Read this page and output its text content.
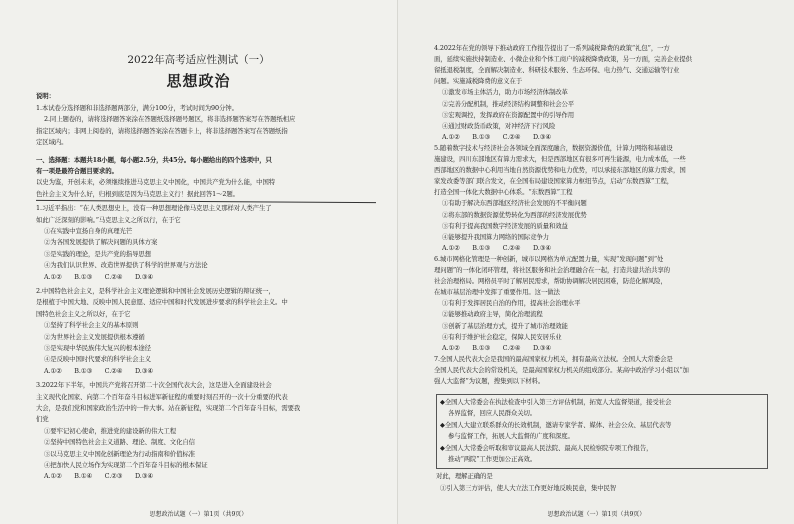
2022年高考适应性测试（一）
思想政治
说明：
1.本试卷分选择题和非选择题两部分，满分100分，考试时间为90分钟。
2.同上题卷的，请将选择题答案涂在答题纸选择题号题区，将非选择题答案写在答题纸相应
指定区域内；非网上阅卷的，请将选择题答案涂在答题卡上，将非选择题答案写在答题纸指
定区域内。
一、选择题：本题共18小题，每小题2.5分，共45分。每小题给出的四个选项中，只
有一项是最符合题目要求的。
以史为鉴，开创未来，必须继续推进马克思主义中国化，中国共产党为什么能，中国特
色社会主义为什么好，归根到底是因为马克思主义行！据此回答1～2题。
1.习近平指出：“在人类思想史上，没有一种思想理论像马克思主义那样对人类产生了
如此广泛深刻的影响。”马克思主义之所以行，在于它
①在实践中宣扬自身的真理光芒
②为各国发展提供了解决问题的具体方案
③是实践的理论，是共产党的指导思想
④为我们认识世界、改造世界提供了科学的世界观与方法论
A.①②　　B.①③　　C.②④　　D.③④
2.中国特色社会主义，是科学社会主义理论逻辑和中国社会发展历史逻辑的辩证统一，
是根植于中国大地、反映中国人民意愿、适应中国和时代发展进步要求的科学社会主义。中
国特色社会主义之所以好，在于它
①坚持了科学社会主义的基本原则
②为世界社会主义发展提供根本遵循
③是实现中华民族伟大复兴的根本途径
④是反映中国时代要求的科学社会主义
A.①②　　B.①③　　C.②④　　D.③④
3.2022年下半年，中国共产党将召开第二十次全国代表大会，这是进入全面建设社会
主义现代化国家、向第二个百年奋斗目标进军新征程的重要时刻召开的一次十分重要的代表
大会，是我们党和国家政治生活中的一件大事。站在新征程，实现第二个百年奋斗目标，需要我
们党
①要牢记初心使命，推进党的建设新的伟大工程
②坚持中国特色社会主义道路、理论、制度、文化自信
③以马克思主义中国化创新理论为行动指南和价值标准
④把加快人民立场作为实现第二个百年奋斗目标的根本保证
A.①②　　B.①④　　C.②③　　D.③④
思想政治试题（一）第1页（共9页）
4.2022年在党的领导下推动政府工作报告提出了一系列减税降费的政策“礼包”，一方
面，延续实施扶持制造业、小微企业和个体工商户的减税降费政策，另一方面，完善企业提供
留抵退税制度，全面解决制造业、科研技术服务、生态环保、电力热气、交通运输等行业
问题。实施减税降费的意义在于
①激发市场主体活力，助力市场经济体制改革
②完善分配机制，推动经济结构调整和社会公平
③宏观调控，发挥政府在资源配置中的引导作用
④通过财政货币政策，对冲经济下行风险
A.①②　　B.①③　　C.②④　　D.③④
5.随着数字技术与经济社会各领域全面深度融合，数据资源价值，计算力网络和基础设
施建设，四川东部地区有算力需求大，但是西部地区有很多可再生能源，电力成本低，一些
西部地区的数据中心利用当地自然资源优势和电力优势，可以承接东部地区的算力需求，国
家发改委等部门联合发文，在全国布局建设国家算力枢纽节点，启动“东数西算”工程，
打造全国一体化大数据中心体系。“东数西算”工程
①有助于解决东西部地区经济社会发展的不平衡问题
②将东部的数据资源优势转化为西部的经济发展优势
③有利于提高我国数字经济发展的质量和效益
④能够提升我国算力网络的国际竞争力
A.①②　　B.①③　　C.②④　　D.③④
6.城市网格化管理是一种创新，城市以网格为单元配置力量，实现“发现问题”到“处
理问题”的一体化闭环管理，将社区服务和社会治理融合在一起，打造共建共治共享的
社会治理格局。网格员平时了解居民需求，帮助协调解决居民困难，防范化解风险，
在城市基层治理中发挥了重要作用。这一做法
①有利于发挥居民自治的作用，提高社会治理水平
②能够推动政府主导，简化治理流程
③创新了基层治理方式，提升了城市治理效能
④有利于维护社会稳定，保障人民安居乐业
A.①②　　B.①③　　C.②④　　D.③④
7.全国人民代表大会是我国的最高国家权力机关，拥有最高立法权。全国人大常委会是
全国人民代表大会的常设机关，是最高国家权力机关的组成部分。某高中政治学习小组以“加
强人大监督”为议题，搜集到以下材料。
思想政治试题（一）第1页（共9页）
◆全国人大常委会在执法检查中引入第三方评估机制，拓宽人大监督渠道，接受社会
各界监督，回应人民群众关切。
◆全国人大建立联系群众的长效机制，邀请专家学者、媒体、社会公众、基层代表等
参与监督工作，拓展人大监督的广度和深度。
◆全国人大常委会听取和审议最高人民法院、最高人民检察院专项工作报告，
推动“两院”工作更加公正高效。
对此，理解正确的是
①引入第三方评估，使人大立法工作更好地反映民意，集中民智
